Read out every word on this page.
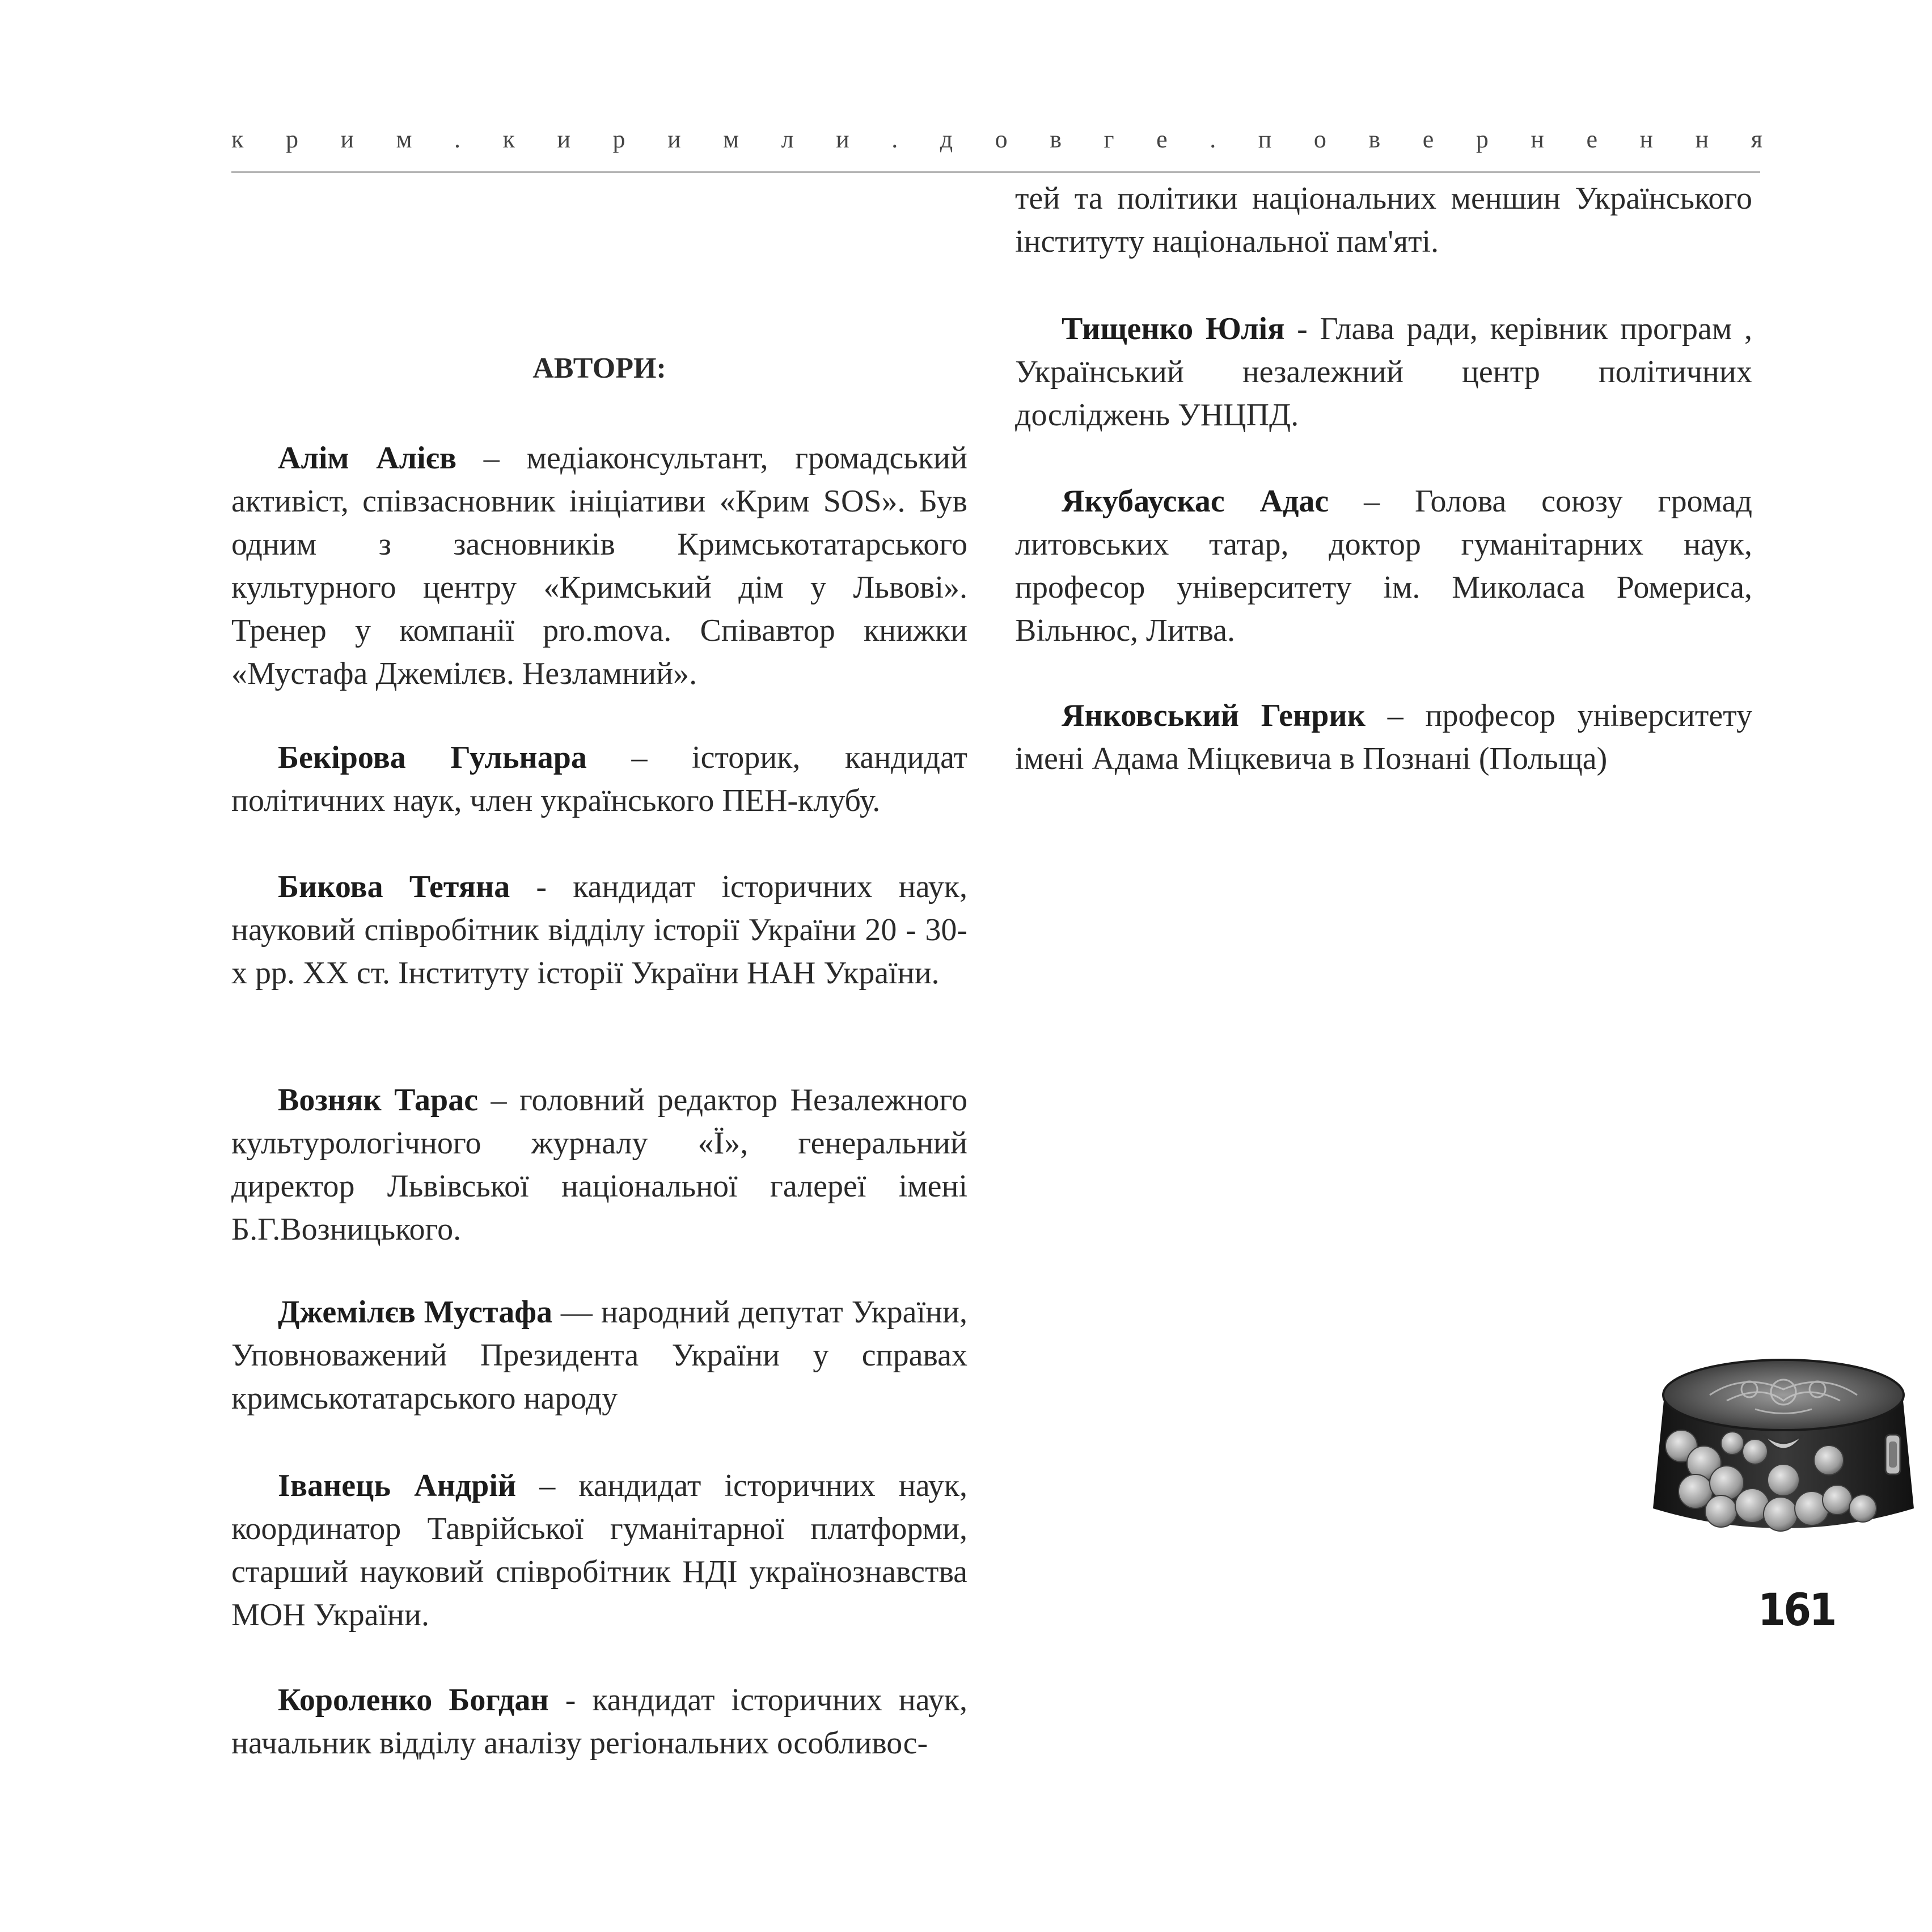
к р и м . к и р и м л и . д о в г е . п о в е р н е н н я
АВТОРИ:

Алім Алієв – медіаконсультант, громадський активіст, співзасновник ініціативи «Крим SOS». Був одним з засновників Кримськотатарського культурного центру «Кримський дім у Львові». Тренер у компанії pro.mova. Співавтор книжки «Мустафа Джемілєв. Незламний».

Бекірова Гульнара – історик, кандидат політичних наук, член українського ПЕН-клубу.

Бикова Тетяна - кандидат історичних наук, науковий співробітник відділу історії України 20 - 30-х рр. XX ст. Інституту історії України НАН України.

Возняк Тарас – головний редактор Незалежного культурологічного журналу «Ї», генеральний директор Львівської національної галереї імені Б.Г.Возницького.

Джемілєв Мустафа — народний депутат України, Уповноважений Президента України у справах кримськотатарського народу

Іванець Андрій – кандидат історичних наук, координатор Таврійської гуманітарної платформи, старший науковий співробітник НДІ українознавства МОН України.

Короленко Богдан - кандидат історичних наук, начальник відділу аналізу регіональних особливос-

тей та політики національних меншин Українського інституту національної пам'яті.

Тищенко Юлія - Глава ради, керівник програм , Український незалежний центр політичних досліджень УНЦПД.

Якубаускас Адас – Голова союзу громад литовських татар, доктор гуманітарних наук, професор університету ім. Миколаса Ромериса, Вільнюс, Литва.

Янковський Генрик – професор університету імені Адама Міцкевича в Познані (Польща)

161
